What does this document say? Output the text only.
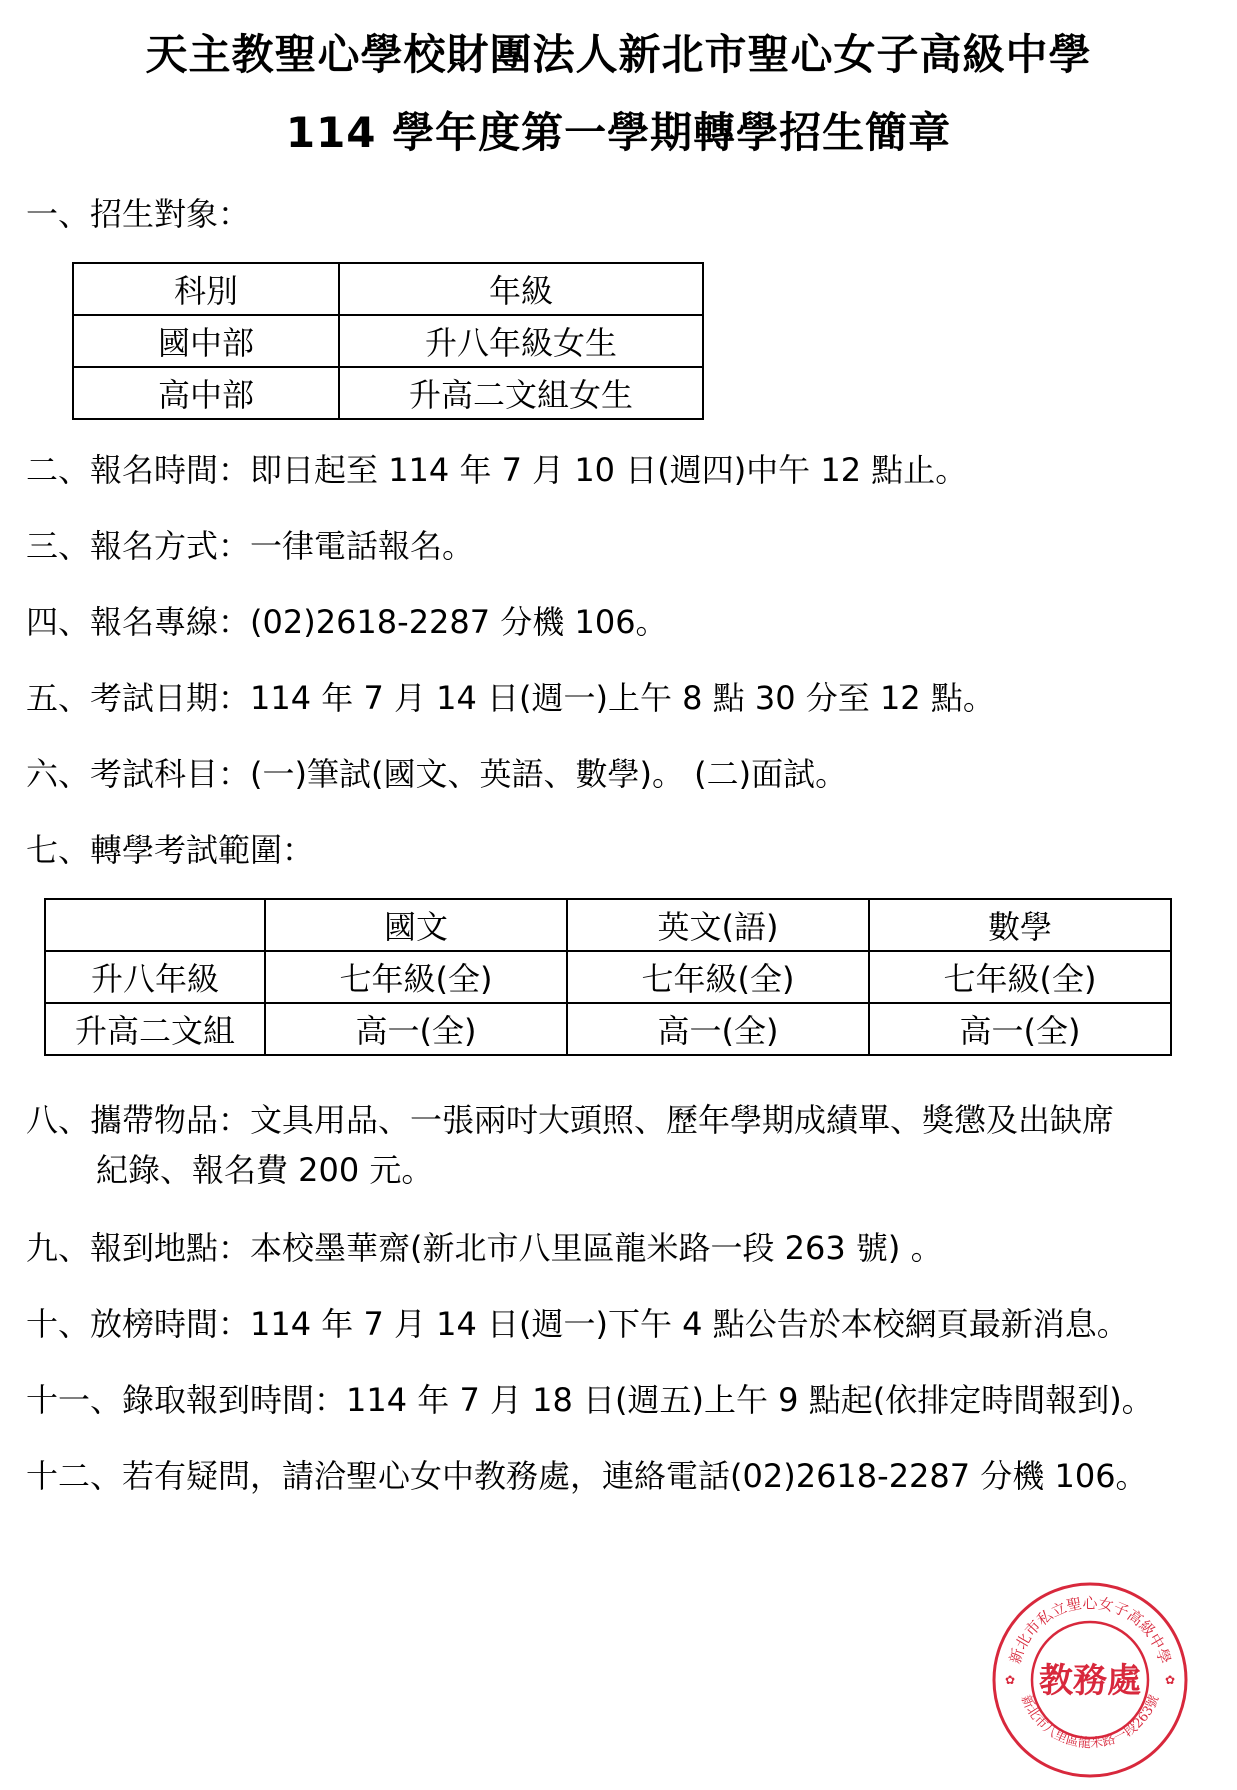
天主教聖心學校財團法人新北市聖心女子高級中學
114 學年度第一學期轉學招生簡章
一、招生對象：
科別	年級
國中部	升八年級女生
高中部	升高二文組女生
二、報名時間：即日起至 114 年 7 月 10 日(週四)中午 12 點止。
三、報名方式：一律電話報名。
四、報名專線：(02)2618-2287 分機 106。
五、考試日期：114 年 7 月 14 日(週一)上午 8 點 30 分至 12 點。
六、考試科目：(一)筆試(國文、英語、數學)。 (二)面試。
七、轉學考試範圍：
	國文	英文(語)	數學
升八年級	七年級(全)	七年級(全)	七年級(全)
升高二文組	高一(全)	高一(全)	高一(全)
八、攜帶物品：文具用品、一張兩吋大頭照、歷年學期成績單、獎懲及出缺席
紀錄、報名費 200 元。
九、報到地點：本校墨華齋(新北市八里區龍米路一段 263 號) 。
十、放榜時間：114 年 7 月 14 日(週一)下午 4 點公告於本校網頁最新消息。
十一、錄取報到時間：114 年 7 月 18 日(週五)上午 9 點起(依排定時間報到)。
十二、若有疑問，請洽聖心女中教務處，連絡電話(02)2618-2287 分機 106。
新北市私立聖心女子高級中學
新北市八里區龍米路一段263號
教務處
✿	✿
